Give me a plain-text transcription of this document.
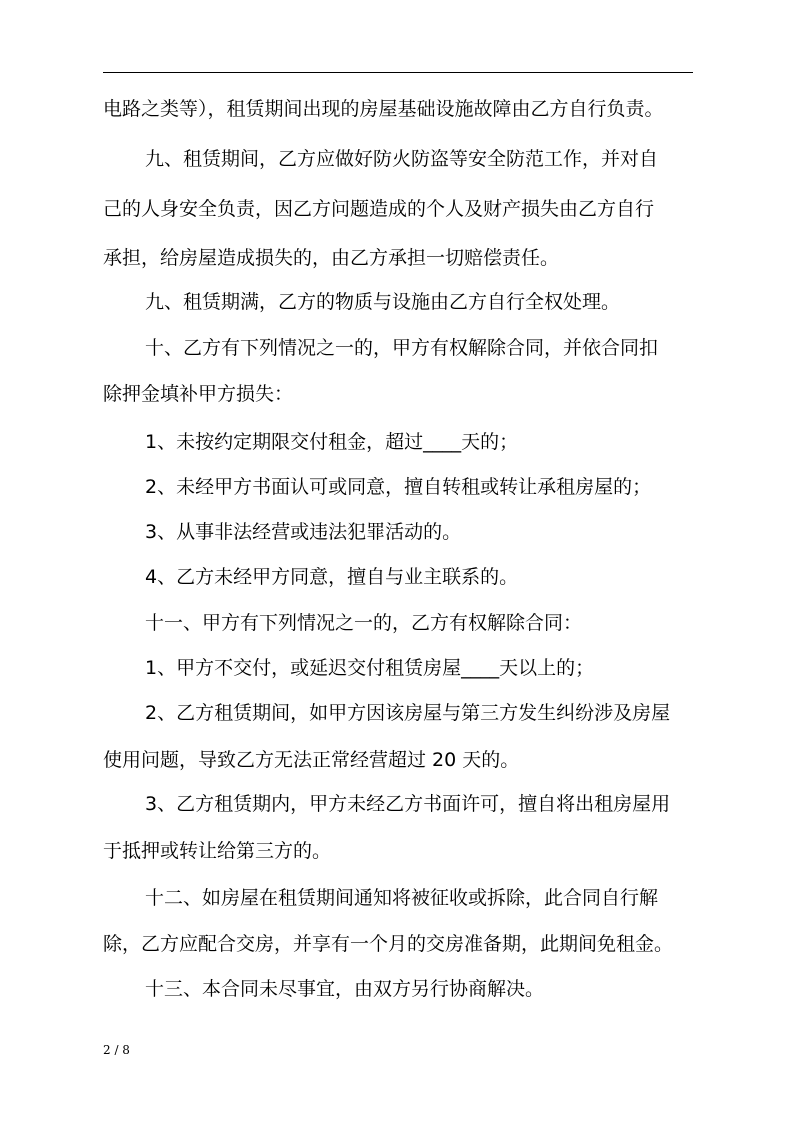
电路之类等），租赁期间出现的房屋基础设施故障由乙方自行负责。
九、租赁期间，乙方应做好防火防盗等安全防范工作，并对自
己的人身安全负责，因乙方问题造成的个人及财产损失由乙方自行
承担，给房屋造成损失的，由乙方承担一切赔偿责任。
九、租赁期满，乙方的物质与设施由乙方自行全权处理。
十、乙方有下列情况之一的，甲方有权解除合同，并依合同扣
除押金填补甲方损失：
1、未按约定期限交付租金，超过____天的；
2、未经甲方书面认可或同意，擅自转租或转让承租房屋的；
3、从事非法经营或违法犯罪活动的。
4、乙方未经甲方同意，擅自与业主联系的。
十一、甲方有下列情况之一的，乙方有权解除合同：
1、甲方不交付，或延迟交付租赁房屋____天以上的；
2、乙方租赁期间，如甲方因该房屋与第三方发生纠纷涉及房屋
使用问题，导致乙方无法正常经营超过 20 天的。
3、乙方租赁期内，甲方未经乙方书面许可，擅自将出租房屋用
于抵押或转让给第三方的。
十二、如房屋在租赁期间通知将被征收或拆除，此合同自行解
除，乙方应配合交房，并享有一个月的交房准备期，此期间免租金。
十三、本合同未尽事宜，由双方另行协商解决。
2 / 8
